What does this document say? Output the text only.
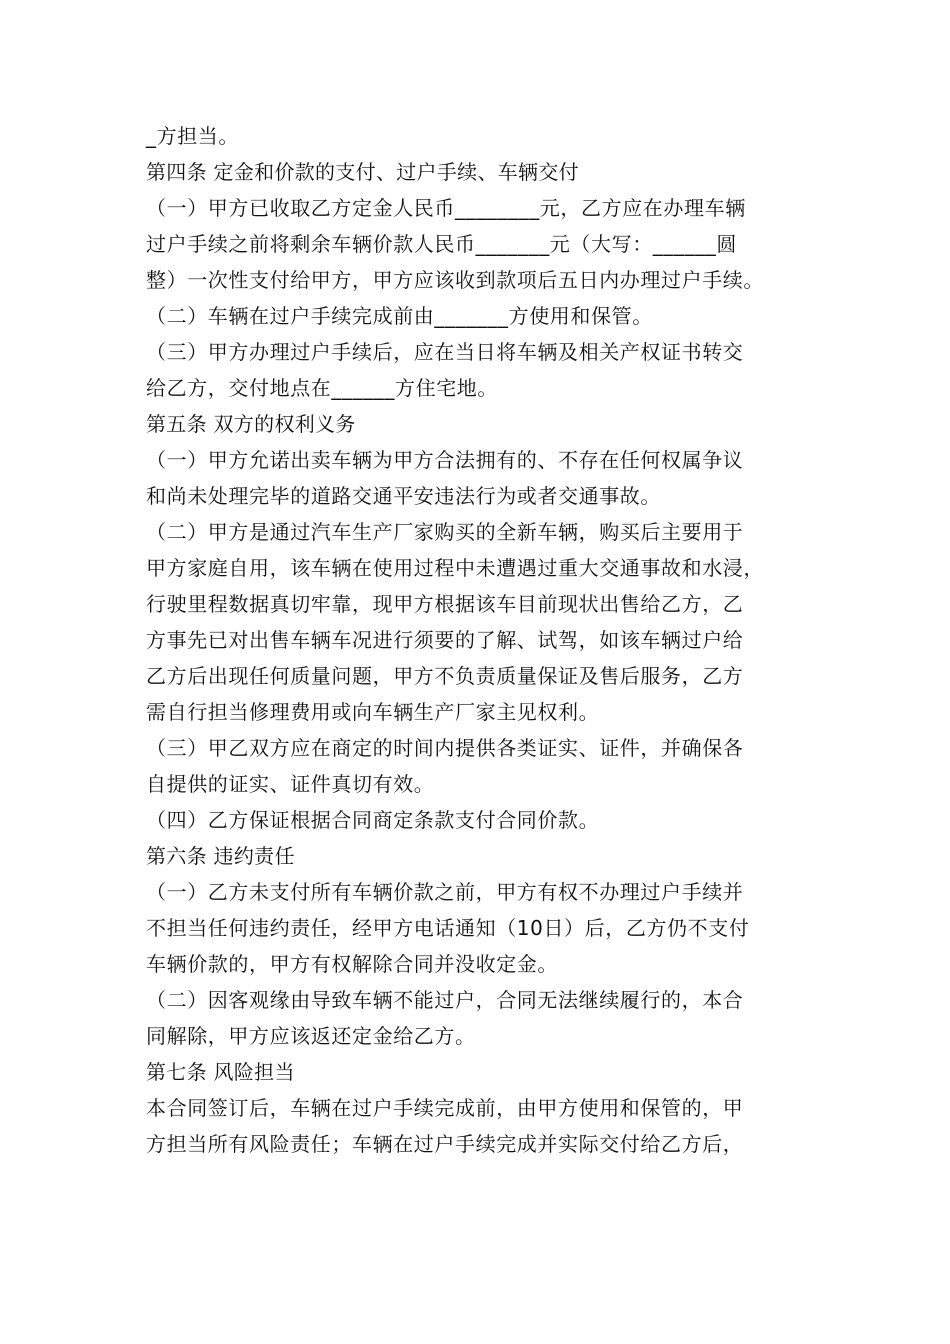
_方担当。
第四条 定金和价款的支付、过户手续、车辆交付
（一）甲方已收取乙方定金人民币________元，乙方应在办理车辆
过户手续之前将剩余车辆价款人民币_______元（大写：______圆
整）一次性支付给甲方，甲方应该收到款项后五日内办理过户手续。
（二）车辆在过户手续完成前由_______方使用和保管。
（三）甲方办理过户手续后，应在当日将车辆及相关产权证书转交
给乙方，交付地点在______方住宅地。
第五条 双方的权利义务
（一）甲方允诺出卖车辆为甲方合法拥有的、不存在任何权属争议
和尚未处理完毕的道路交通平安违法行为或者交通事故。
（二）甲方是通过汽车生产厂家购买的全新车辆，购买后主要用于
甲方家庭自用，该车辆在使用过程中未遭遇过重大交通事故和水浸，
行驶里程数据真切牢靠，现甲方根据该车目前现状出售给乙方，乙
方事先已对出售车辆车况进行须要的了解、试驾，如该车辆过户给
乙方后出现任何质量问题，甲方不负责质量保证及售后服务，乙方
需自行担当修理费用或向车辆生产厂家主见权利。
（三）甲乙双方应在商定的时间内提供各类证实、证件，并确保各
自提供的证实、证件真切有效。
（四）乙方保证根据合同商定条款支付合同价款。
第六条 违约责任
（一）乙方未支付所有车辆价款之前，甲方有权不办理过户手续并
不担当任何违约责任，经甲方电话通知（10日）后，乙方仍不支付
车辆价款的，甲方有权解除合同并没收定金。
（二）因客观缘由导致车辆不能过户，合同无法继续履行的，本合
同解除，甲方应该返还定金给乙方。
第七条 风险担当
本合同签订后，车辆在过户手续完成前，由甲方使用和保管的，甲
方担当所有风险责任；车辆在过户手续完成并实际交付给乙方后，
